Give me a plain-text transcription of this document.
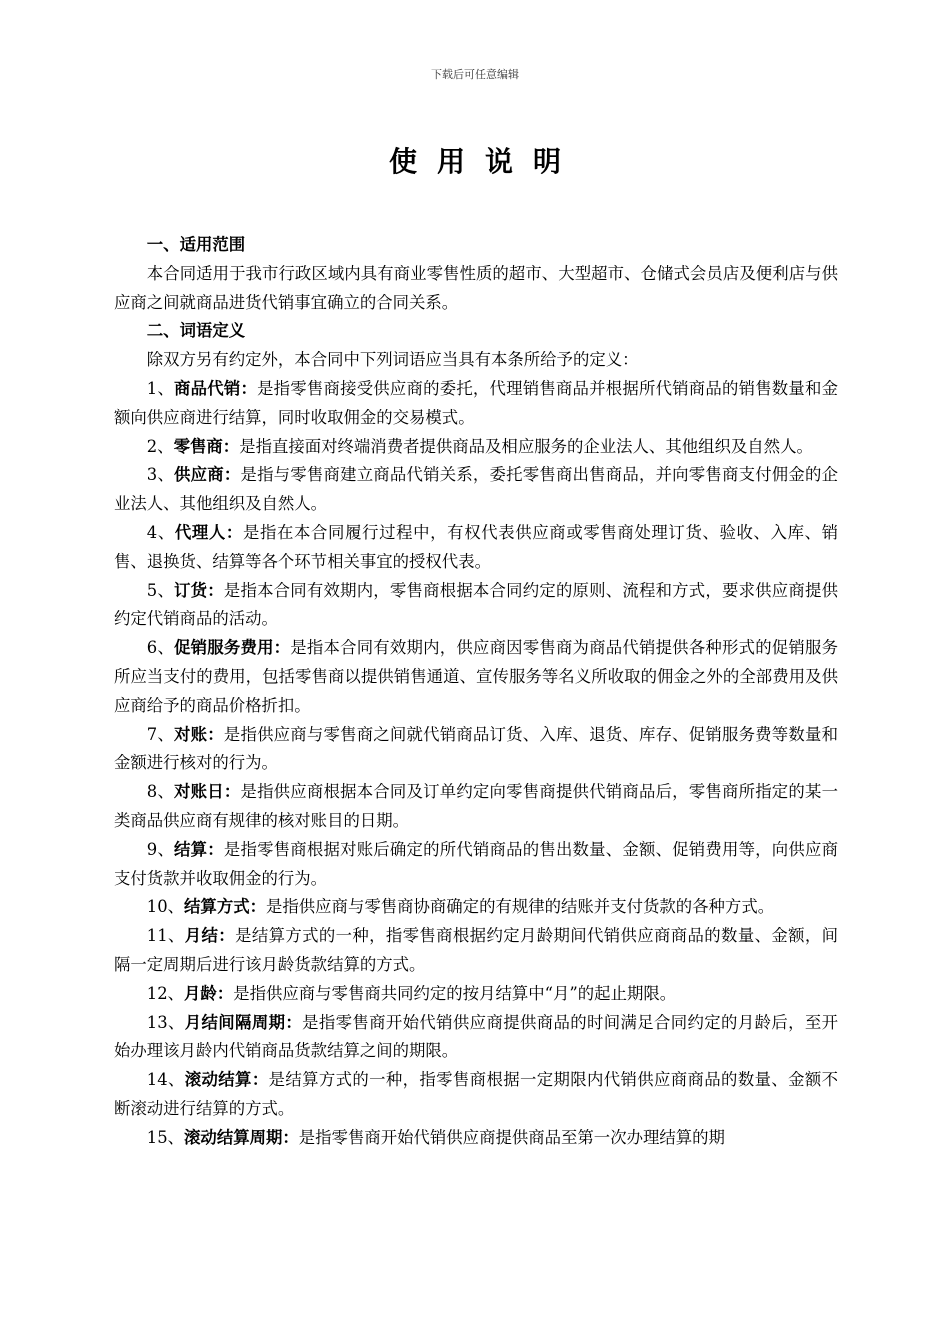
下载后可任意编辑
使用说明

一、适用范围

本合同适用于我市行政区域内具有商业零售性质的超市、大型超市、仓储式会员店及便利店与供应商之间就商品进货代销事宜确立的合同关系。

二、词语定义

除双方另有约定外，本合同中下列词语应当具有本条所给予的定义：

1、商品代销：是指零售商接受供应商的委托，代理销售商品并根据所代销商品的销售数量和金额向供应商进行结算，同时收取佣金的交易模式。

2、零售商：是指直接面对终端消费者提供商品及相应服务的企业法人、其他组织及自然人。

3、供应商：是指与零售商建立商品代销关系，委托零售商出售商品，并向零售商支付佣金的企业法人、其他组织及自然人。

4、代理人：是指在本合同履行过程中，有权代表供应商或零售商处理订货、验收、入库、销售、退换货、结算等各个环节相关事宜的授权代表。

5、订货：是指本合同有效期内，零售商根据本合同约定的原则、流程和方式，要求供应商提供约定代销商品的活动。

6、促销服务费用：是指本合同有效期内，供应商因零售商为商品代销提供各种形式的促销服务所应当支付的费用，包括零售商以提供销售通道、宣传服务等名义所收取的佣金之外的全部费用及供应商给予的商品价格折扣。

7、对账：是指供应商与零售商之间就代销商品订货、入库、退货、库存、促销服务费等数量和金额进行核对的行为。

8、对账日：是指供应商根据本合同及订单约定向零售商提供代销商品后，零售商所指定的某一类商品供应商有规律的核对账目的日期。

9、结算：是指零售商根据对账后确定的所代销商品的售出数量、金额、促销费用等，向供应商支付货款并收取佣金的行为。

10、结算方式：是指供应商与零售商协商确定的有规律的结账并支付货款的各种方式。

11、月结：是结算方式的一种，指零售商根据约定月龄期间代销供应商商品的数量、金额，间隔一定周期后进行该月龄货款结算的方式。

12、月龄：是指供应商与零售商共同约定的按月结算中“月”的起止期限。

13、月结间隔周期：是指零售商开始代销供应商提供商品的时间满足合同约定的月龄后，至开始办理该月龄内代销商品货款结算之间的期限。

14、滚动结算：是结算方式的一种，指零售商根据一定期限内代销供应商商品的数量、金额不断滚动进行结算的方式。

15、滚动结算周期：是指零售商开始代销供应商提供商品至第一次办理结算的期
